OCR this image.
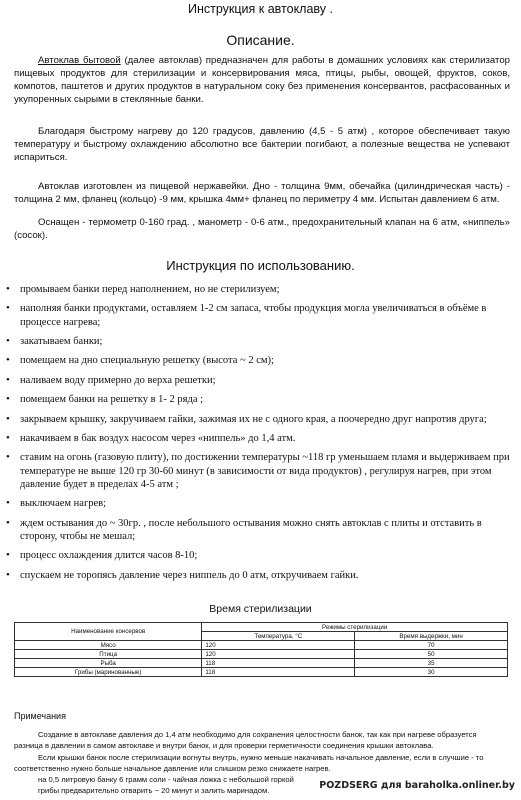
Инструкция к автоклаву .
Описание.
Автоклав бытовой (далее автоклав) предназначен для работы в домашних условиях как стерилизатор пищевых продуктов для стерилизации и консервирования мяса, птицы, рыбы, овощей, фруктов, соков, компотов, паштетов и других продуктов в натуральном соку без применения консервантов, расфасованных и укупоренных сырыми в стеклянные банки.
Благодаря быстрому нагреву до 120 градусов, давлению (4,5 - 5 атм) , которое обеспечивает такую температуру и быстрому охлаждению абсолютно все бактерии погибают, а полезные вещества не успевают испариться.
Автоклав изготовлен из пищевой нержавейки. Дно - толщина 9мм, обечайка (цилиндрическая часть) - толщина 2 мм, фланец (кольцо) -9 мм, крышка 4мм+ фланец по периметру 4 мм. Испытан давлением 6 атм.
Оснащен - термометр 0-160 град. , манометр - 0-6 атм., предохранительный клапан на 6 атм, «ниппель» (сосок).
Инструкция по использованию.
• промываем банки перед наполнением, но не стерилизуем;
• наполняя банки продуктами, оставляем 1-2 см запаса, чтобы продукция могла увеличиваться в объёме в процессе нагрева;
• закатываем банки;
• помещаем на дно специальную решетку (высота ~ 2 см);
• наливаем воду примерно до верха решетки;
• помещаем банки на решетку в 1- 2 ряда ;
• закрываем крышку, закручиваем гайки, зажимая их не с одного края, а поочередно друг напротив друга;
• накачиваем в бак воздух насосом через «ниппель» до 1,4 атм.
• ставим на огонь (газовую плиту), по достижении температуры ~118 гр уменьшаем пламя и выдерживаем при температуре не выше 120 гр 30-60 минут (в зависимости от вида продуктов) , регулируя нагрев, при этом давление будет в пределах 4-5 атм ;
• выключаем нагрев;
• ждем остывания до ~ 30гр. , после небольшого остывания можно снять автоклав с плиты и отставить в сторону, чтобы не мешал;
• процесс охлаждения длится часов 8-10;
• спускаем не торопясь давление через ниппель до 0 атм, откручиваем гайки.
Время стерилизации
Наименование консервов	Режимы стерилизации	
	Температура, °С	Время выдержки, мин
Мясо	120	70
Птица	120	50
Рыба	118	35
Грибы (маринованные)	118	30
Примечания
Создание в автоклаве давления до 1,4 атм необходимо для сохранения целостности банок, так как при нагреве образуется
разница в давлении в самом автоклаве и внутри банок, и для проверки герметичности соединения крышки автоклава.
Если крышки банок после стерилизации вогнуты внутрь, нужно меньше накачивать начальное давление, если в случшие - то
соответственно нужно больше начальное давление или слишком резко снижаете нагрев.
на 0,5 литровую банку 6 грамм соли - чайная ложка с небольшой горкой
грибы предварительно отварить ~ 20 минут и залить маринадом.	POZDSERG для baraholka.onliner.by
